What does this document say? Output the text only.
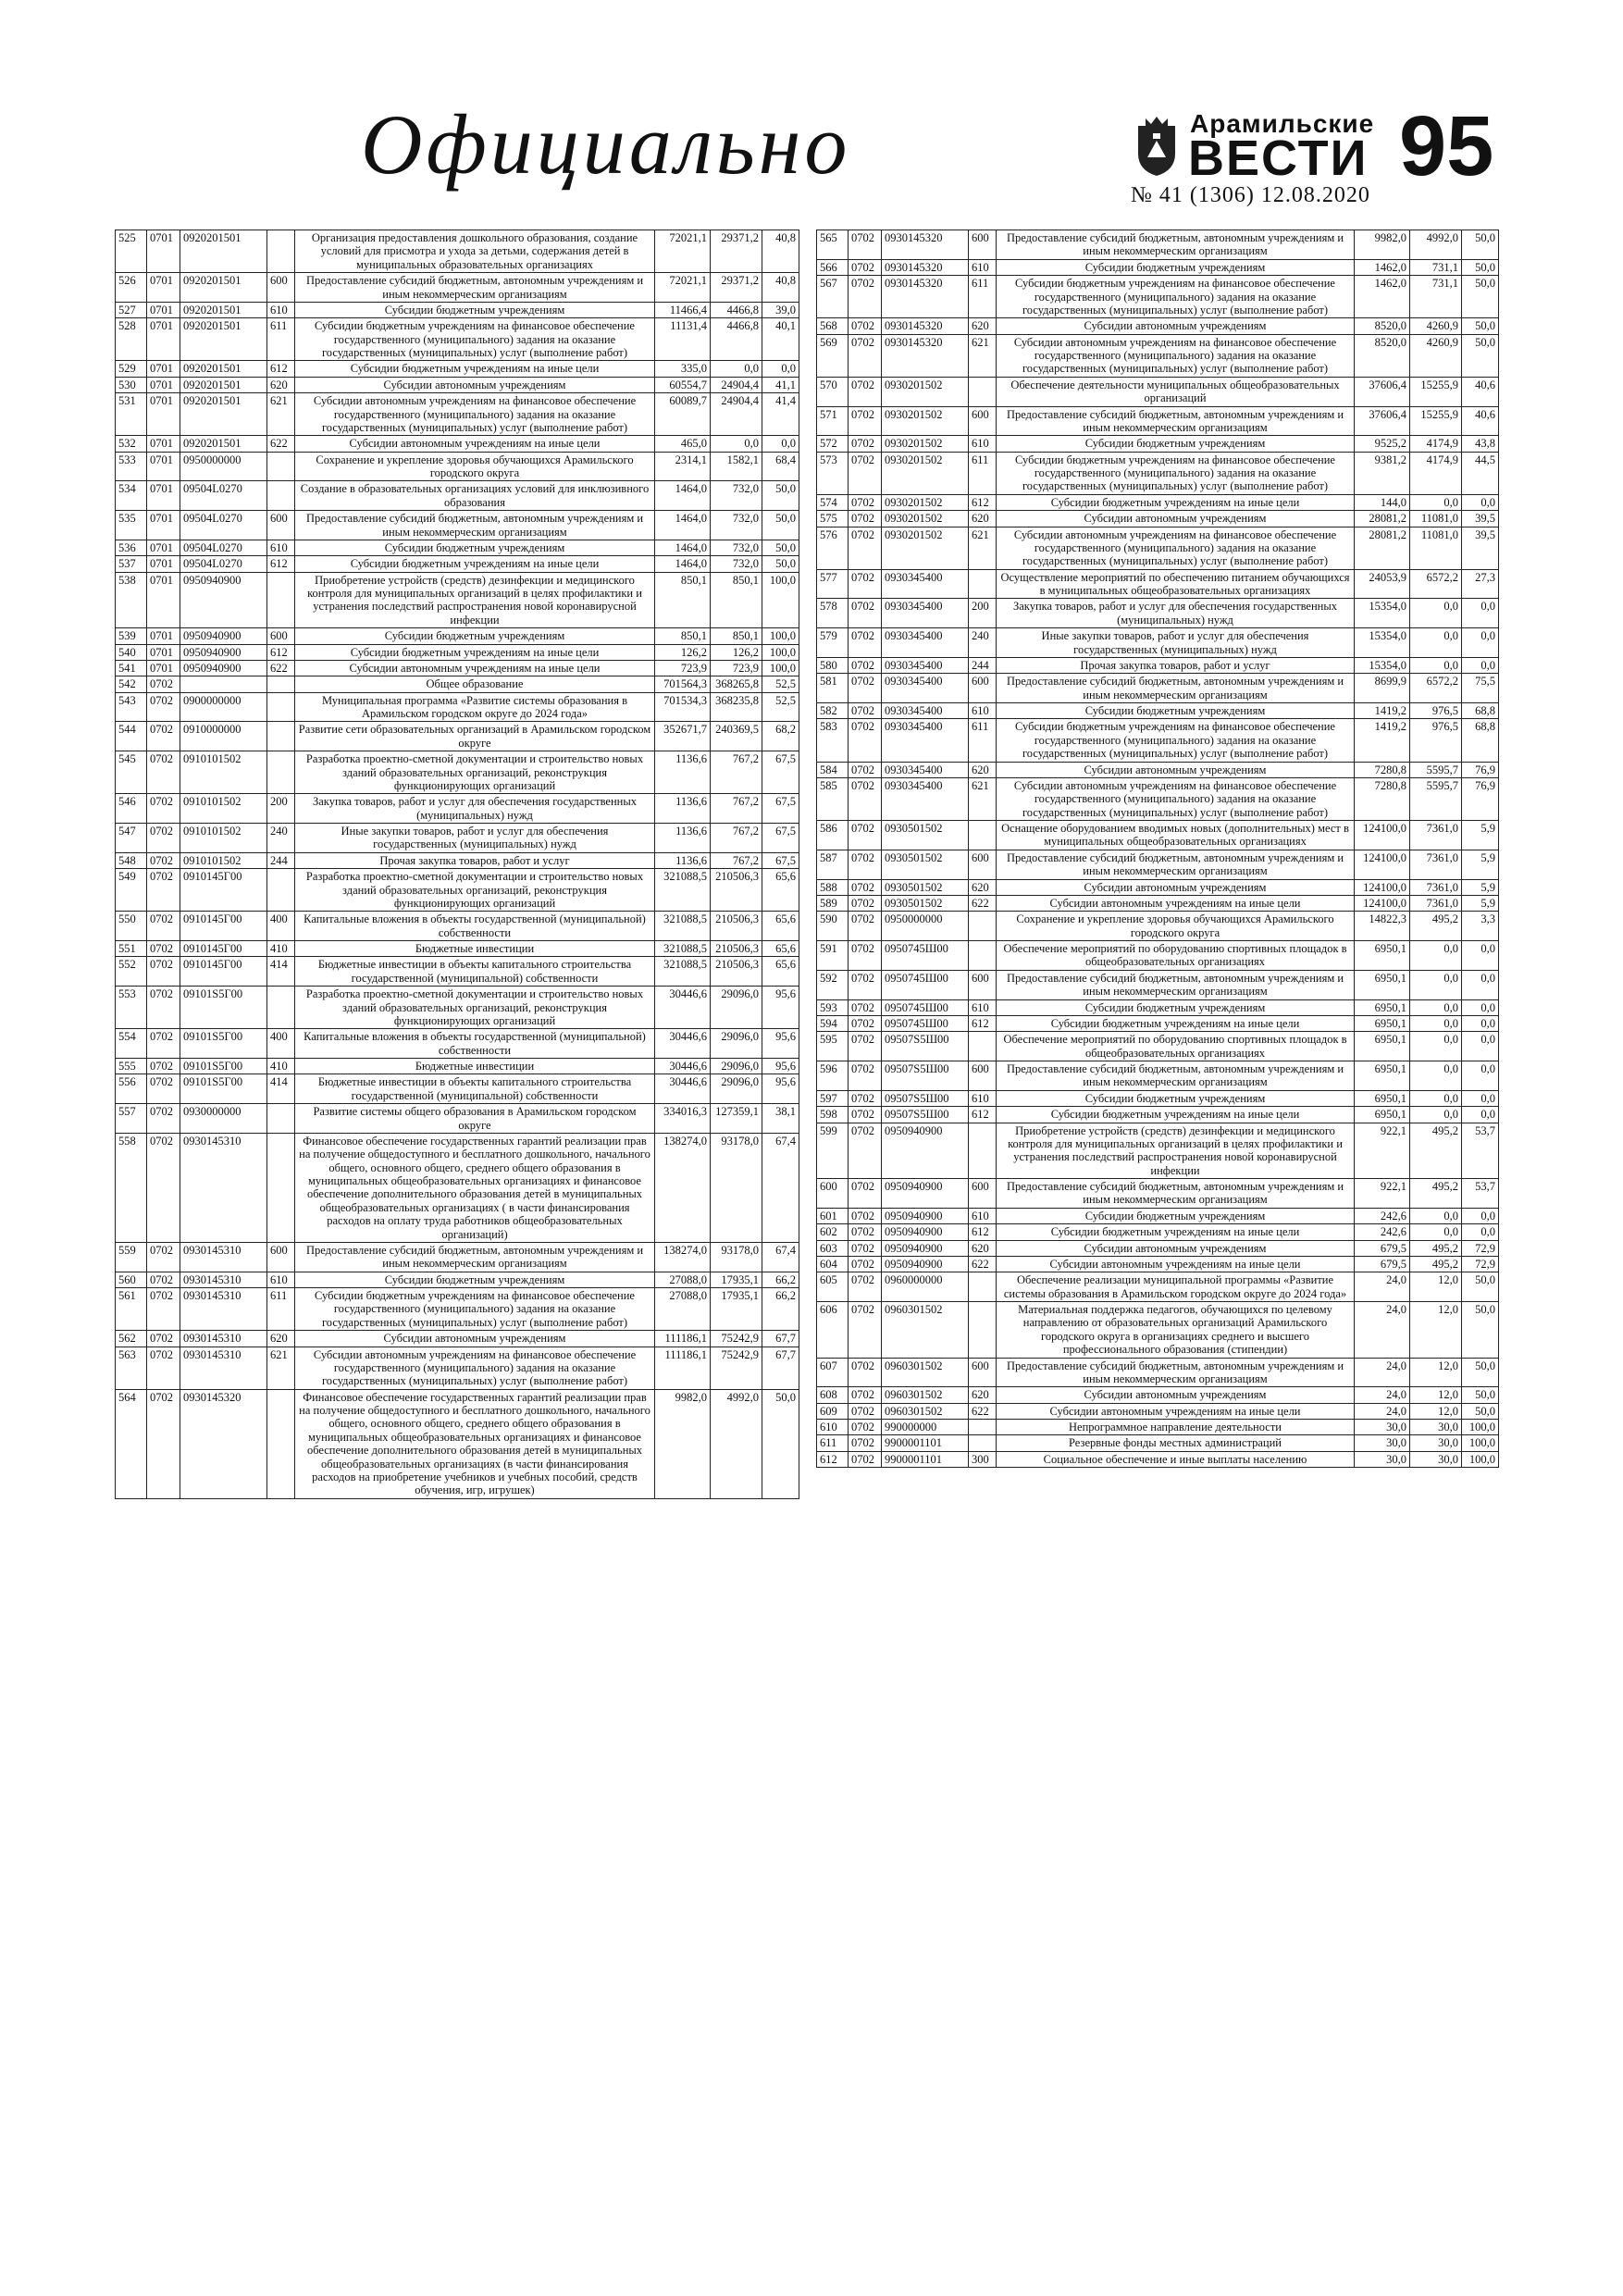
Официально	Арамильские
ВЕСТИ
№ 41 (1306) 12.08.2020
95
525	0701	0920201501		Организация предоставления дошкольного образования, создание условий для присмотра и ухода за детьми, содержания детей в муниципальных образовательных организациях	72021,1	29371,2	40,8
526	0701	0920201501	600	Предоставление субсидий бюджетным, автономным учреждениям и иным некоммерческим организациям	72021,1	29371,2	40,8
527	0701	0920201501	610	Субсидии бюджетным учреждениям	11466,4	4466,8	39,0
528	0701	0920201501	611	Субсидии бюджетным учреждениям на финансовое обеспечение государственного (муниципального) задания на оказание государственных (муниципальных) услуг (выполнение работ)	11131,4	4466,8	40,1
529	0701	0920201501	612	Субсидии бюджетным учреждениям на иные цели	335,0	0,0	0,0
530	0701	0920201501	620	Субсидии автономным учреждениям	60554,7	24904,4	41,1
531	0701	0920201501	621	Субсидии автономным учреждениям на финансовое обеспечение государственного (муниципального) задания на оказание государственных (муниципальных) услуг (выполнение работ)	60089,7	24904,4	41,4
532	0701	0920201501	622	Субсидии автономным учреждениям на иные цели	465,0	0,0	0,0
533	0701	0950000000		Сохранение и укрепление здоровья обучающихся Арамильского городского округа	2314,1	1582,1	68,4
534	0701	09504L0270		Создание в образовательных организациях условий для инклюзивного образования	1464,0	732,0	50,0
535	0701	09504L0270	600	Предоставление субсидий бюджетным, автономным учреждениям и иным некоммерческим организациям	1464,0	732,0	50,0
536	0701	09504L0270	610	Субсидии бюджетным учреждениям	1464,0	732,0	50,0
537	0701	09504L0270	612	Субсидии бюджетным учреждениям на иные цели	1464,0	732,0	50,0
538	0701	0950940900		Приобретение устройств (средств) дезинфекции и медицинского контроля для муниципальных организаций в целях профилактики и устранения последствий распространения новой коронавирусной инфекции	850,1	850,1	100,0
539	0701	0950940900	600	Субсидии бюджетным учреждениям	850,1	850,1	100,0
540	0701	0950940900	612	Субсидии бюджетным учреждениям на иные цели	126,2	126,2	100,0
541	0701	0950940900	622	Субсидии автономным учреждениям на иные цели	723,9	723,9	100,0
542	0702			Общее образование	701564,3	368265,8	52,5
543	0702	0900000000		Муниципальная программа «Развитие системы образования в Арамильском городском округе до 2024 года»	701534,3	368235,8	52,5
544	0702	0910000000		Развитие сети образовательных организаций в Арамильском городском округе	352671,7	240369,5	68,2
545	0702	0910101502		Разработка проектно-сметной документации и строительство новых зданий образовательных организаций, реконструкция функционирующих организаций	1136,6	767,2	67,5
546	0702	0910101502	200	Закупка товаров, работ и услуг для обеспечения государственных (муниципальных) нужд	1136,6	767,2	67,5
547	0702	0910101502	240	Иные закупки товаров, работ и услуг для обеспечения государственных (муниципальных) нужд	1136,6	767,2	67,5
548	0702	0910101502	244	Прочая закупка товаров, работ и услуг	1136,6	767,2	67,5
549	0702	0910145Г00		Разработка проектно-сметной документации и строительство новых зданий образовательных организаций, реконструкция функционирующих организаций	321088,5	210506,3	65,6
550	0702	0910145Г00	400	Капитальные вложения в объекты государственной (муниципальной) собственности	321088,5	210506,3	65,6
551	0702	0910145Г00	410	Бюджетные инвестиции	321088,5	210506,3	65,6
552	0702	0910145Г00	414	Бюджетные инвестиции в объекты капитального строительства государственной (муниципальной) собственности	321088,5	210506,3	65,6
553	0702	09101S5Г00		Разработка проектно-сметной документации и строительство новых зданий образовательных организаций, реконструкция функционирующих организаций	30446,6	29096,0	95,6
554	0702	09101S5Г00	400	Капитальные вложения в объекты государственной (муниципальной) собственности	30446,6	29096,0	95,6
555	0702	09101S5Г00	410	Бюджетные инвестиции	30446,6	29096,0	95,6
556	0702	09101S5Г00	414	Бюджетные инвестиции в объекты капитального строительства государственной (муниципальной) собственности	30446,6	29096,0	95,6
557	0702	0930000000		Развитие системы общего образования в Арамильском городском округе	334016,3	127359,1	38,1
558	0702	0930145310		Финансовое обеспечение государственных гарантий реализации прав на получение общедоступного и бесплатного дошкольного, начального общего, основного общего, среднего общего образования в муниципальных общеобразовательных организациях и финансовое обеспечение дополнительного образования детей в муниципальных общеобразовательных организациях ( в части финансирования расходов на оплату труда работников общеобразовательных организаций)	138274,0	93178,0	67,4
559	0702	0930145310	600	Предоставление субсидий бюджетным, автономным учреждениям и иным некоммерческим организациям	138274,0	93178,0	67,4
560	0702	0930145310	610	Субсидии бюджетным учреждениям	27088,0	17935,1	66,2
561	0702	0930145310	611	Субсидии бюджетным учреждениям на финансовое обеспечение государственного (муниципального) задания на оказание государственных (муниципальных) услуг (выполнение работ)	27088,0	17935,1	66,2
562	0702	0930145310	620	Субсидии автономным учреждениям	111186,1	75242,9	67,7
563	0702	0930145310	621	Субсидии автономным учреждениям на финансовое обеспечение государственного (муниципального) задания на оказание государственных (муниципальных) услуг (выполнение работ)	111186,1	75242,9	67,7
564	0702	0930145320		Финансовое обеспечение государственных гарантий реализации прав на получение общедоступного и бесплатного дошкольного, начального общего, основного общего, среднего общего образования в муниципальных общеобразовательных организациях и финансовое обеспечение дополнительного образования детей в муниципальных общеобразовательных организациях (в части финансирования расходов на приобретение учебников и учебных пособий, средств обучения, игр, игрушек)	9982,0	4992,0	50,0
565	0702	0930145320	600	Предоставление субсидий бюджетным, автономным учреждениям и иным некоммерческим организациям	9982,0	4992,0	50,0
566	0702	0930145320	610	Субсидии бюджетным учреждениям	1462,0	731,1	50,0
567	0702	0930145320	611	Субсидии бюджетным учреждениям на финансовое обеспечение государственного (муниципального) задания на оказание государственных (муниципальных) услуг (выполнение работ)	1462,0	731,1	50,0
568	0702	0930145320	620	Субсидии автономным учреждениям	8520,0	4260,9	50,0
569	0702	0930145320	621	Субсидии автономным учреждениям на финансовое обеспечение государственного (муниципального) задания на оказание государственных (муниципальных) услуг (выполнение работ)	8520,0	4260,9	50,0
570	0702	0930201502		Обеспечение деятельности муниципальных общеобразовательных организаций	37606,4	15255,9	40,6
571	0702	0930201502	600	Предоставление субсидий бюджетным, автономным учреждениям и иным некоммерческим организациям	37606,4	15255,9	40,6
572	0702	0930201502	610	Субсидии бюджетным учреждениям	9525,2	4174,9	43,8
573	0702	0930201502	611	Субсидии бюджетным учреждениям на финансовое обеспечение государственного (муниципального) задания на оказание государственных (муниципальных) услуг (выполнение работ)	9381,2	4174,9	44,5
574	0702	0930201502	612	Субсидии бюджетным учреждениям на иные цели	144,0	0,0	0,0
575	0702	0930201502	620	Субсидии автономным учреждениям	28081,2	11081,0	39,5
576	0702	0930201502	621	Субсидии автономным учреждениям на финансовое обеспечение государственного (муниципального) задания на оказание государственных (муниципальных) услуг (выполнение работ)	28081,2	11081,0	39,5
577	0702	0930345400		Осуществление мероприятий по обеспечению питанием обучающихся в муниципальных общеобразовательных организациях	24053,9	6572,2	27,3
578	0702	0930345400	200	Закупка товаров, работ и услуг для обеспечения государственных (муниципальных) нужд	15354,0	0,0	0,0
579	0702	0930345400	240	Иные закупки товаров, работ и услуг для обеспечения государственных (муниципальных) нужд	15354,0	0,0	0,0
580	0702	0930345400	244	Прочая закупка товаров, работ и услуг	15354,0	0,0	0,0
581	0702	0930345400	600	Предоставление субсидий бюджетным, автономным учреждениям и иным некоммерческим организациям	8699,9	6572,2	75,5
582	0702	0930345400	610	Субсидии бюджетным учреждениям	1419,2	976,5	68,8
583	0702	0930345400	611	Субсидии бюджетным учреждениям на финансовое обеспечение государственного (муниципального) задания на оказание государственных (муниципальных) услуг (выполнение работ)	1419,2	976,5	68,8
584	0702	0930345400	620	Субсидии автономным учреждениям	7280,8	5595,7	76,9
585	0702	0930345400	621	Субсидии автономным учреждениям на финансовое обеспечение государственного (муниципального) задания на оказание государственных (муниципальных) услуг (выполнение работ)	7280,8	5595,7	76,9
586	0702	0930501502		Оснащение оборудованием вводимых новых (дополнительных) мест в муниципальных общеобразовательных организациях	124100,0	7361,0	5,9
587	0702	0930501502	600	Предоставление субсидий бюджетным, автономным учреждениям и иным некоммерческим организациям	124100,0	7361,0	5,9
588	0702	0930501502	620	Субсидии автономным учреждениям	124100,0	7361,0	5,9
589	0702	0930501502	622	Субсидии автономным учреждениям на иные цели	124100,0	7361,0	5,9
590	0702	0950000000		Сохранение и укрепление здоровья обучающихся Арамильского городского округа	14822,3	495,2	3,3
591	0702	0950745Ш00		Обеспечение мероприятий по оборудованию спортивных площадок в общеобразовательных организациях	6950,1	0,0	0,0
592	0702	0950745Ш00	600	Предоставление субсидий бюджетным, автономным учреждениям и иным некоммерческим организациям	6950,1	0,0	0,0
593	0702	0950745Ш00	610	Субсидии бюджетным учреждениям	6950,1	0,0	0,0
594	0702	0950745Ш00	612	Субсидии бюджетным учреждениям на иные цели	6950,1	0,0	0,0
595	0702	09507S5Ш00		Обеспечение мероприятий по оборудованию спортивных площадок в общеобразовательных организациях	6950,1	0,0	0,0
596	0702	09507S5Ш00	600	Предоставление субсидий бюджетным, автономным учреждениям и иным некоммерческим организациям	6950,1	0,0	0,0
597	0702	09507S5Ш00	610	Субсидии бюджетным учреждениям	6950,1	0,0	0,0
598	0702	09507S5Ш00	612	Субсидии бюджетным учреждениям на иные цели	6950,1	0,0	0,0
599	0702	0950940900		Приобретение устройств (средств) дезинфекции и медицинского контроля для муниципальных организаций в целях профилактики и устранения последствий распространения новой коронавирусной инфекции	922,1	495,2	53,7
600	0702	0950940900	600	Предоставление субсидий бюджетным, автономным учреждениям и иным некоммерческим организациям	922,1	495,2	53,7
601	0702	0950940900	610	Субсидии бюджетным учреждениям	242,6	0,0	0,0
602	0702	0950940900	612	Субсидии бюджетным учреждениям на иные цели	242,6	0,0	0,0
603	0702	0950940900	620	Субсидии автономным учреждениям	679,5	495,2	72,9
604	0702	0950940900	622	Субсидии автономным учреждениям на иные цели	679,5	495,2	72,9
605	0702	0960000000		Обеспечение реализации муниципальной программы «Развитие системы образования в Арамильском городском округе до 2024 года»	24,0	12,0	50,0
606	0702	0960301502		Материальная поддержка педагогов, обучающихся по целевому направлению от образовательных организаций Арамильского городского округа в организациях среднего и высшего профессионального образования (стипендии)	24,0	12,0	50,0
607	0702	0960301502	600	Предоставление субсидий бюджетным, автономным учреждениям и иным некоммерческим организациям	24,0	12,0	50,0
608	0702	0960301502	620	Субсидии автономным учреждениям	24,0	12,0	50,0
609	0702	0960301502	622	Субсидии автономным учреждениям на иные цели	24,0	12,0	50,0
610	0702	990000000		Непрограммное направление деятельности	30,0	30,0	100,0
611	0702	9900001101		Резервные фонды местных администраций	30,0	30,0	100,0
612	0702	9900001101	300	Социальное обеспечение и иные выплаты населению	30,0	30,0	100,0
